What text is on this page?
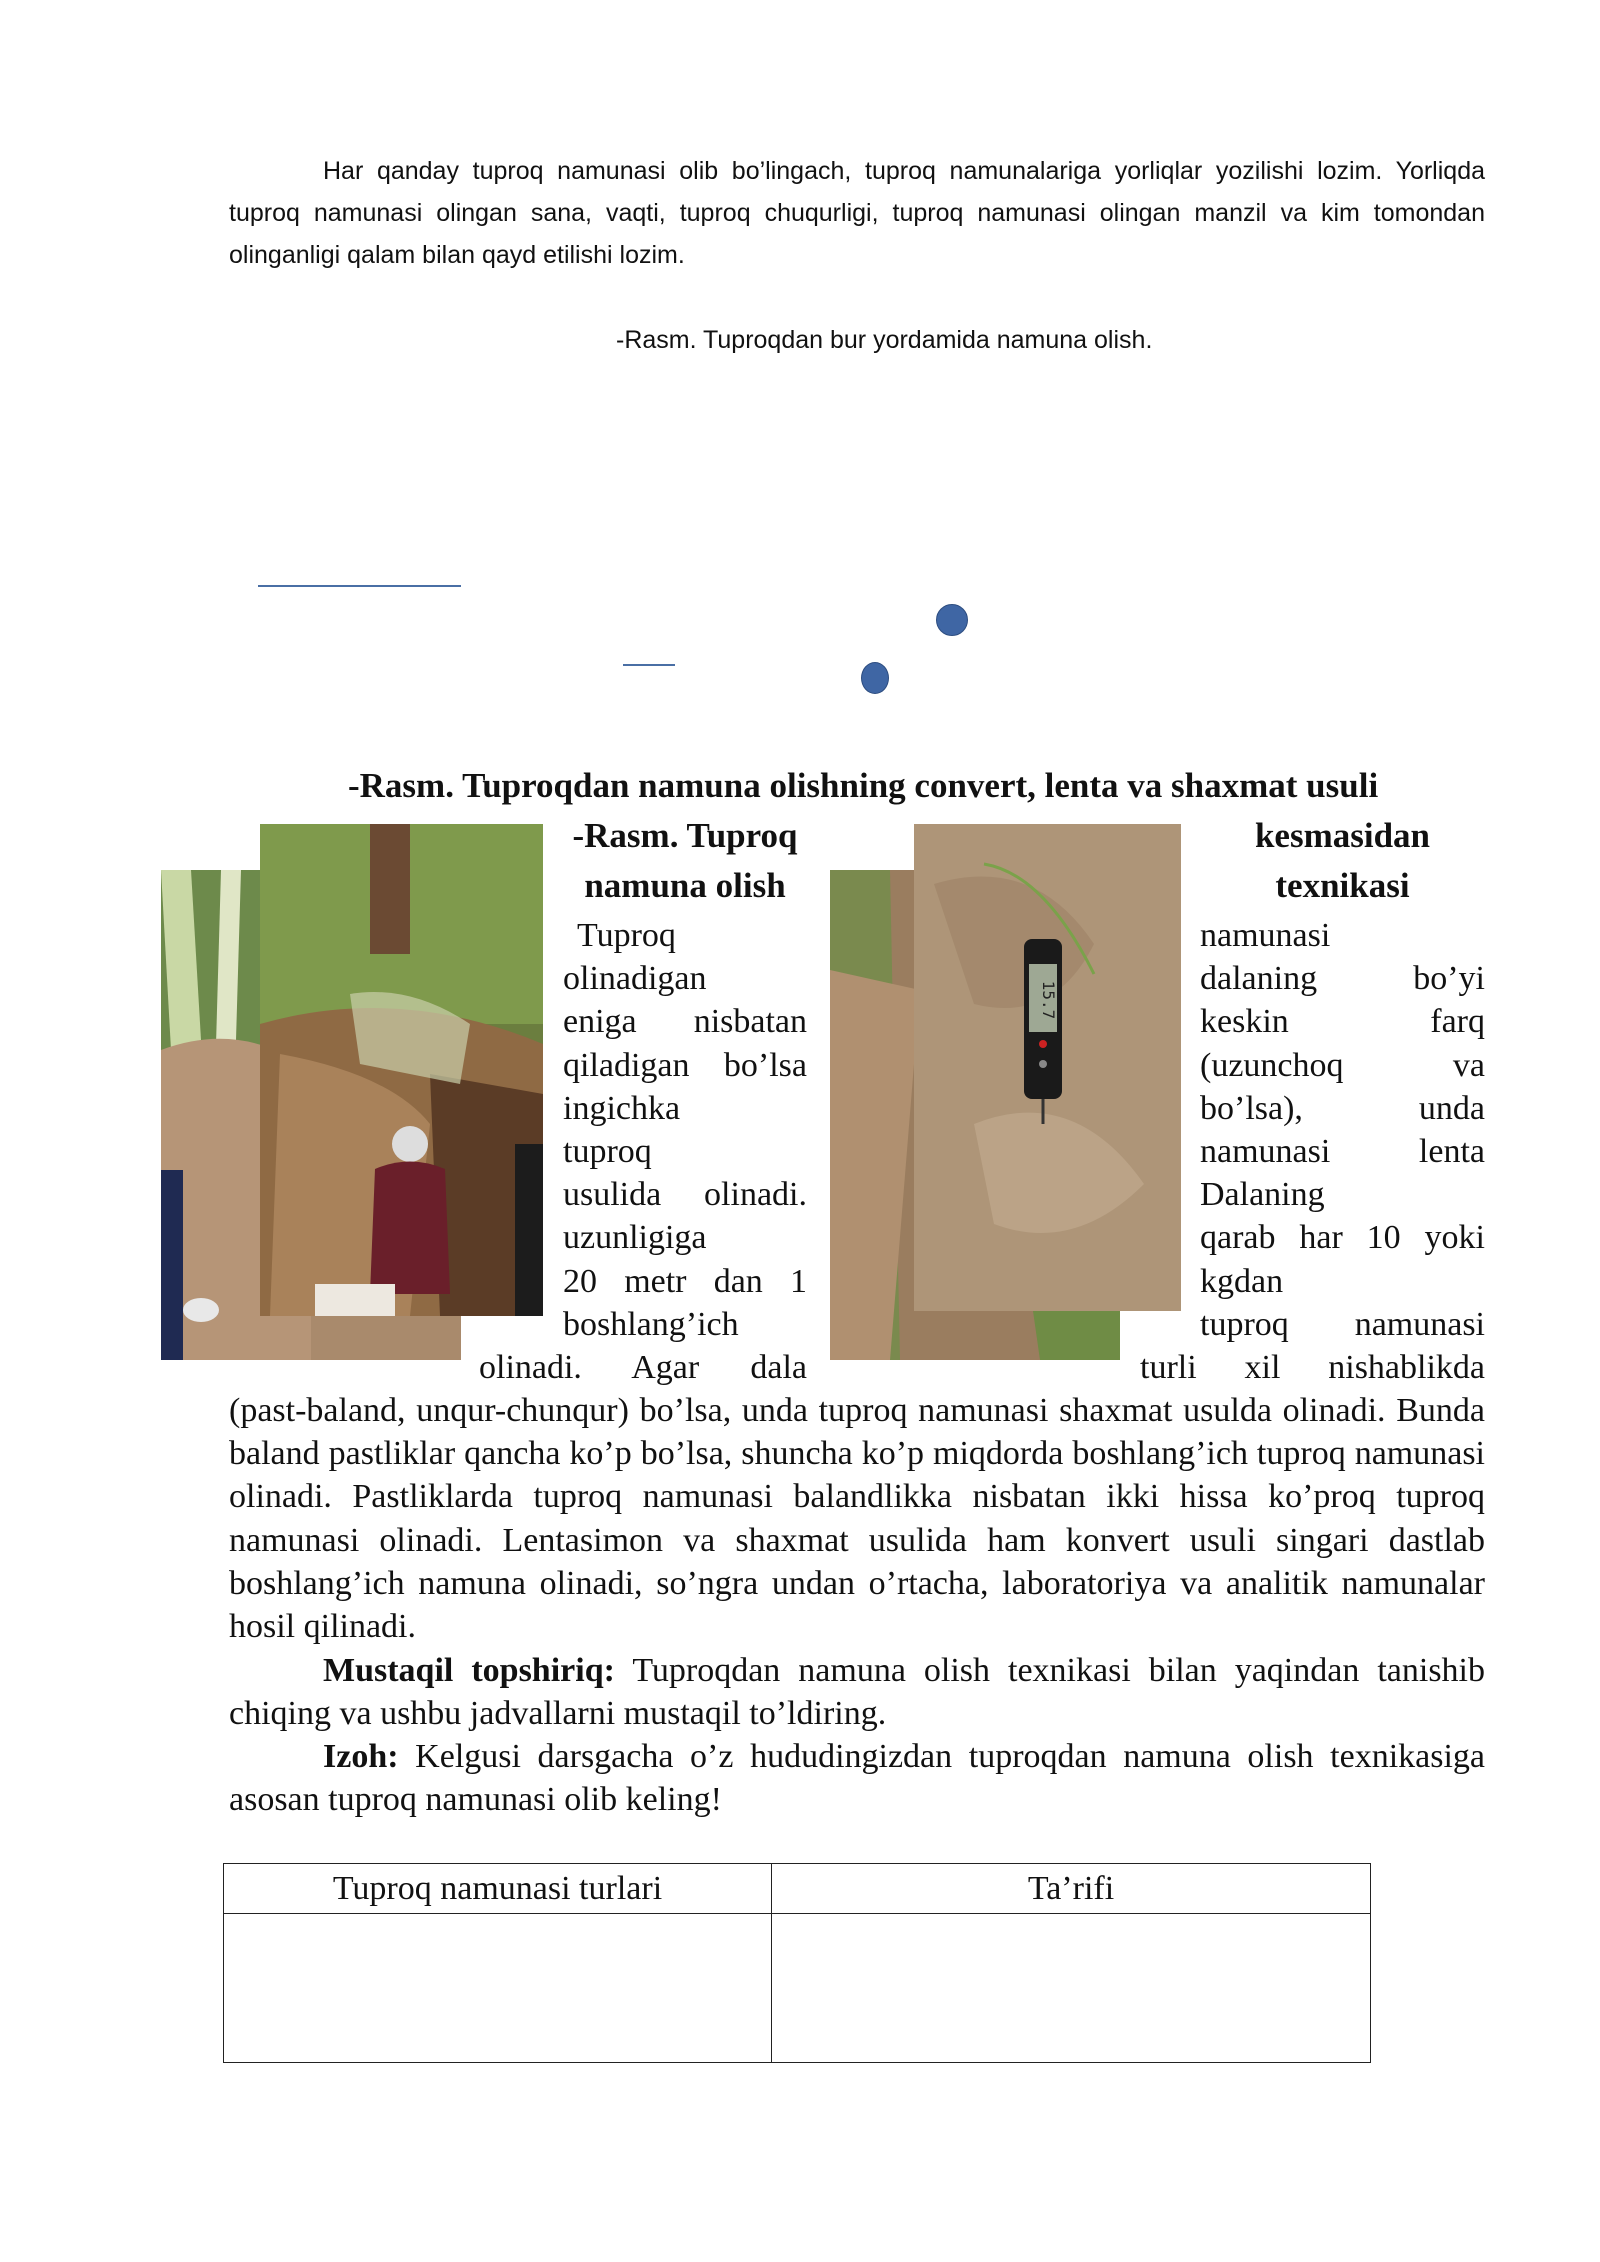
Har qanday tuproq namunasi olib bo’lingach, tuproq namunalariga yorliqlar yozilishi lozim. Yorliqda tuproq namunasi olingan sana, vaqti, tuproq chuqurligi, tuproq namunasi olingan manzil va kim tomondan olinganligi qalam bilan qayd etilishi lozim.

-Rasm. Tuproqdan bur yordamida namuna olish.

-Rasm. Tuproqdan namuna olishning convert, lenta va shaxmat usuli

-Rasm. Tuproq

namuna olish

kesmasidan

texnikasi

Tuproq

olinadigan

eniga nisbatan

qiladigan bo’lsa

ingichka

tuproq

usulida olinadi.

uzunligiga

20 metr dan 1

boshlang’ich

olinadi. Agar dala

15.7

namunasi

dalaning bo’yi

keskin farq

(uzunchoq va

bo’lsa), unda

namunasi lenta

Dalaning

qarab har 10 yoki

kgdan

tuproq namunasi

turli xil nishablikda

(past-baland, unqur-chunqur) bo’lsa, unda tuproq namunasi shaxmat usulda olinadi. Bunda baland pastliklar qancha ko’p bo’lsa, shuncha ko’p miqdorda boshlang’ich tuproq namunasi olinadi. Pastliklarda tuproq namunasi balandlikka nisbatan ikki hissa ko’proq tuproq namunasi olinadi. Lentasimon va shaxmat usulida ham konvert usuli singari dastlab boshlang’ich namuna olinadi, so’ngra undan o’rtacha, laboratoriya va analitik namunalar hosil qilinadi.

Mustaqil topshiriq: Tuproqdan namuna olish texnikasi bilan yaqindan tanishib chiqing va ushbu jadvallarni mustaqil to’ldiring.

Izoh: Kelgusi darsgacha o’z hududingizdan tuproqdan namuna olish texnikasiga asosan tuproq namunasi olib keling!

Tuproq namunasi turlari	Ta’rifi
